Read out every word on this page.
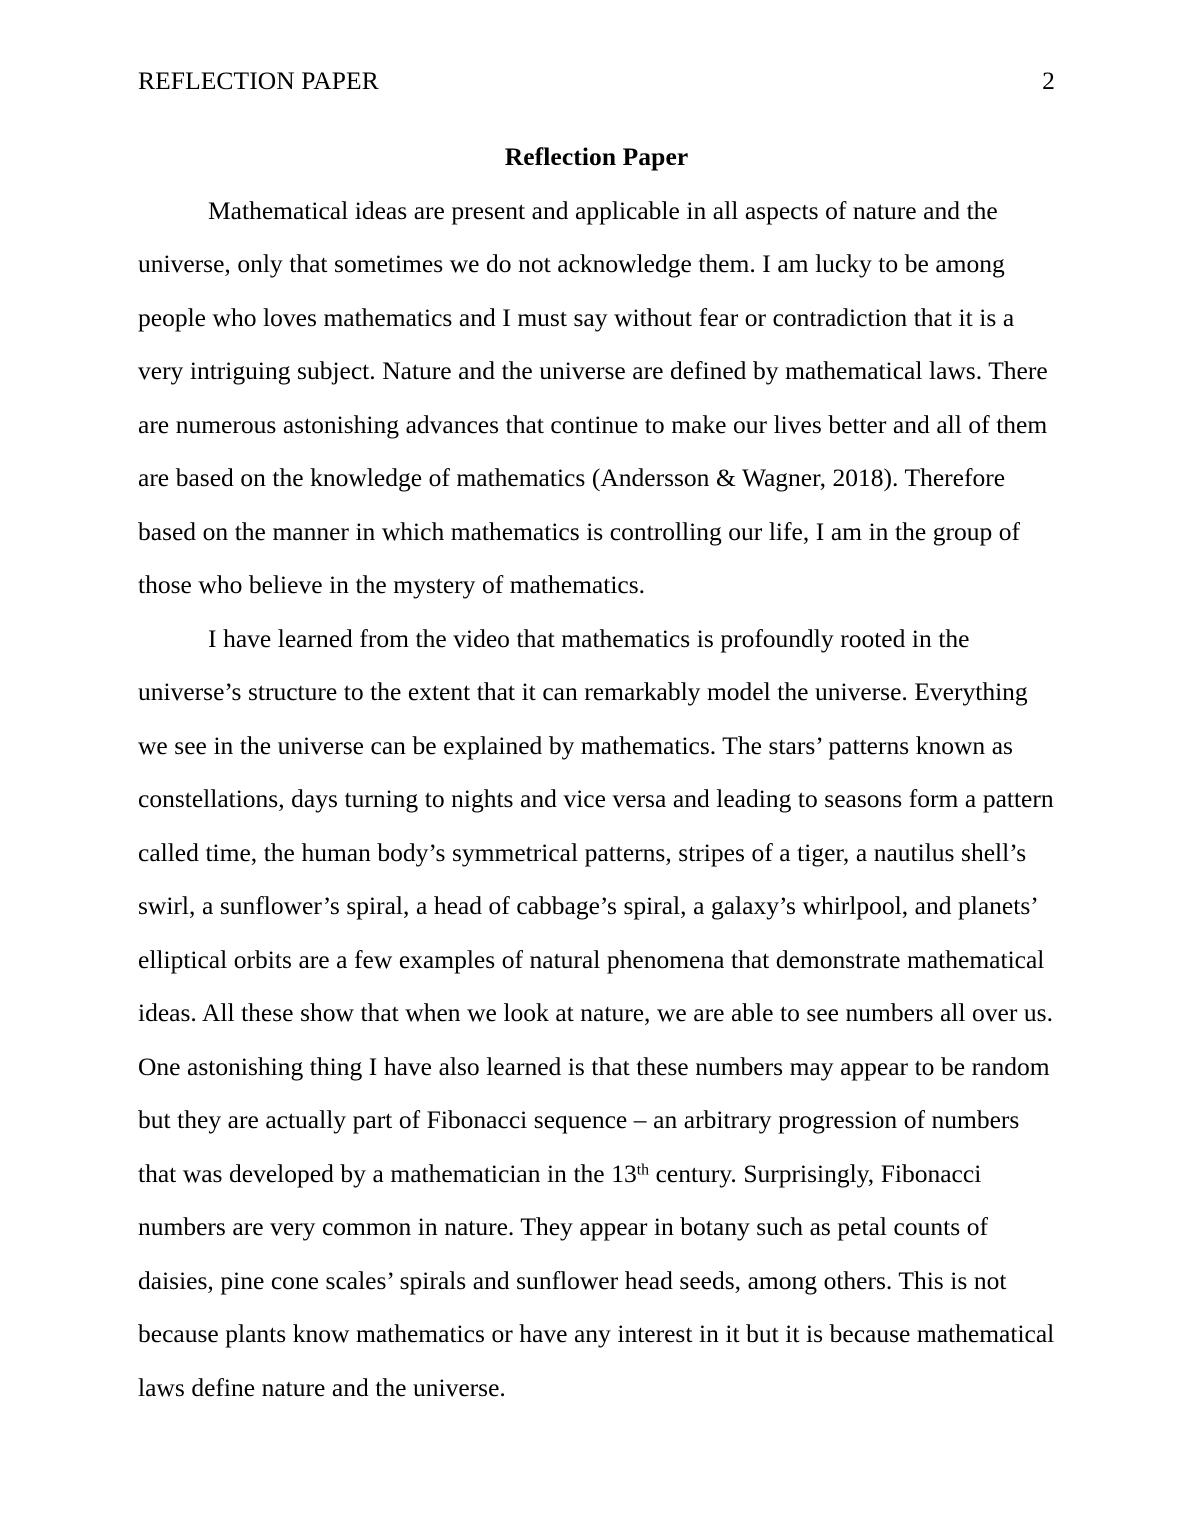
REFLECTION PAPER	2
Reflection Paper

Mathematical ideas are present and applicable in all aspects of nature and the universe, only that sometimes we do not acknowledge them. I am lucky to be among people who loves mathematics and I must say without fear or contradiction that it is a very intriguing subject. Nature and the universe are defined by mathematical laws. There are numerous astonishing advances that continue to make our lives better and all of them are based on the knowledge of mathematics (Andersson & Wagner, 2018). Therefore based on the manner in which mathematics is controlling our life, I am in the group of those who believe in the mystery of mathematics.

I have learned from the video that mathematics is profoundly rooted in the universe’s structure to the extent that it can remarkably model the universe. Everything we see in the universe can be explained by mathematics. The stars’ patterns known as constellations, days turning to nights and vice versa and leading to seasons form a pattern called time, the human body’s symmetrical patterns, stripes of a tiger, a nautilus shell’s swirl, a sunflower’s spiral, a head of cabbage’s spiral, a galaxy’s whirlpool, and planets’ elliptical orbits are a few examples of natural phenomena that demonstrate mathematical ideas. All these show that when we look at nature, we are able to see numbers all over us. One astonishing thing I have also learned is that these numbers may appear to be random but they are actually part of Fibonacci sequence – an arbitrary progression of numbers that was developed by a mathematician in the 13th century. Surprisingly, Fibonacci numbers are very common in nature. They appear in botany such as petal counts of daisies, pine cone scales’ spirals and sunflower head seeds, among others. This is not because plants know mathematics or have any interest in it but it is because mathematical laws define nature and the universe.
